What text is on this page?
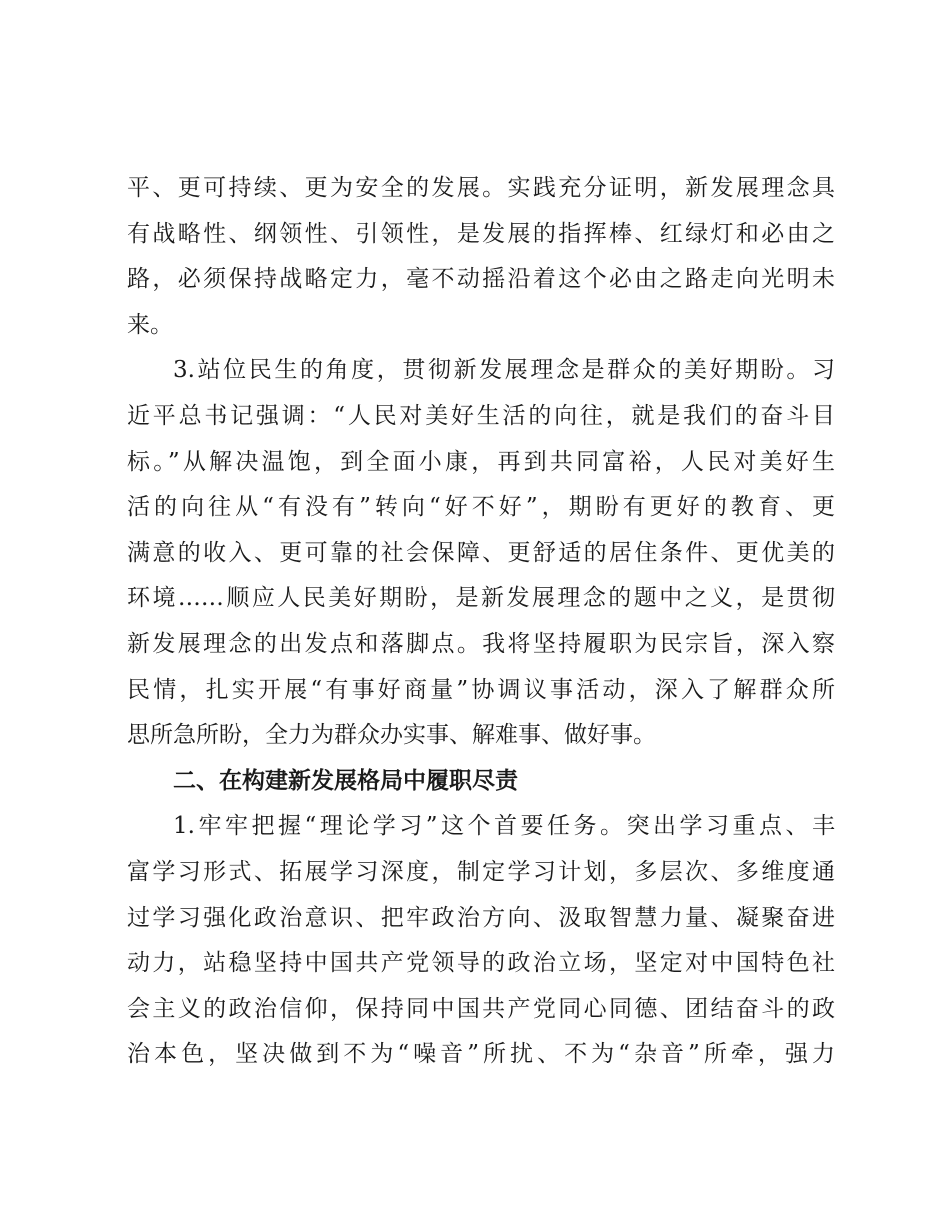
平、更可持续、更为安全的发展。实践充分证明，新发展理念具
有战略性、纲领性、引领性，是发展的指挥棒、红绿灯和必由之
路，必须保持战略定力，毫不动摇沿着这个必由之路走向光明未
来。
3.站位民生的角度，贯彻新发展理念是群众的美好期盼。习
近平总书记强调：“人民对美好生活的向往，就是我们的奋斗目
标。”从解决温饱，到全面小康，再到共同富裕，人民对美好生
活的向往从“有没有”转向“好不好”，期盼有更好的教育、更
满意的收入、更可靠的社会保障、更舒适的居住条件、更优美的
环境……顺应人民美好期盼，是新发展理念的题中之义，是贯彻
新发展理念的出发点和落脚点。我将坚持履职为民宗旨，深入察
民情，扎实开展“有事好商量”协调议事活动，深入了解群众所
思所急所盼，全力为群众办实事、解难事、做好事。
二、在构建新发展格局中履职尽责
1.牢牢把握“理论学习”这个首要任务。突出学习重点、丰
富学习形式、拓展学习深度，制定学习计划，多层次、多维度通
过学习强化政治意识、把牢政治方向、汲取智慧力量、凝聚奋进
动力，站稳坚持中国共产党领导的政治立场，坚定对中国特色社
会主义的政治信仰，保持同中国共产党同心同德、团结奋斗的政
治本色，坚决做到不为“噪音”所扰、不为“杂音”所牵，强力
